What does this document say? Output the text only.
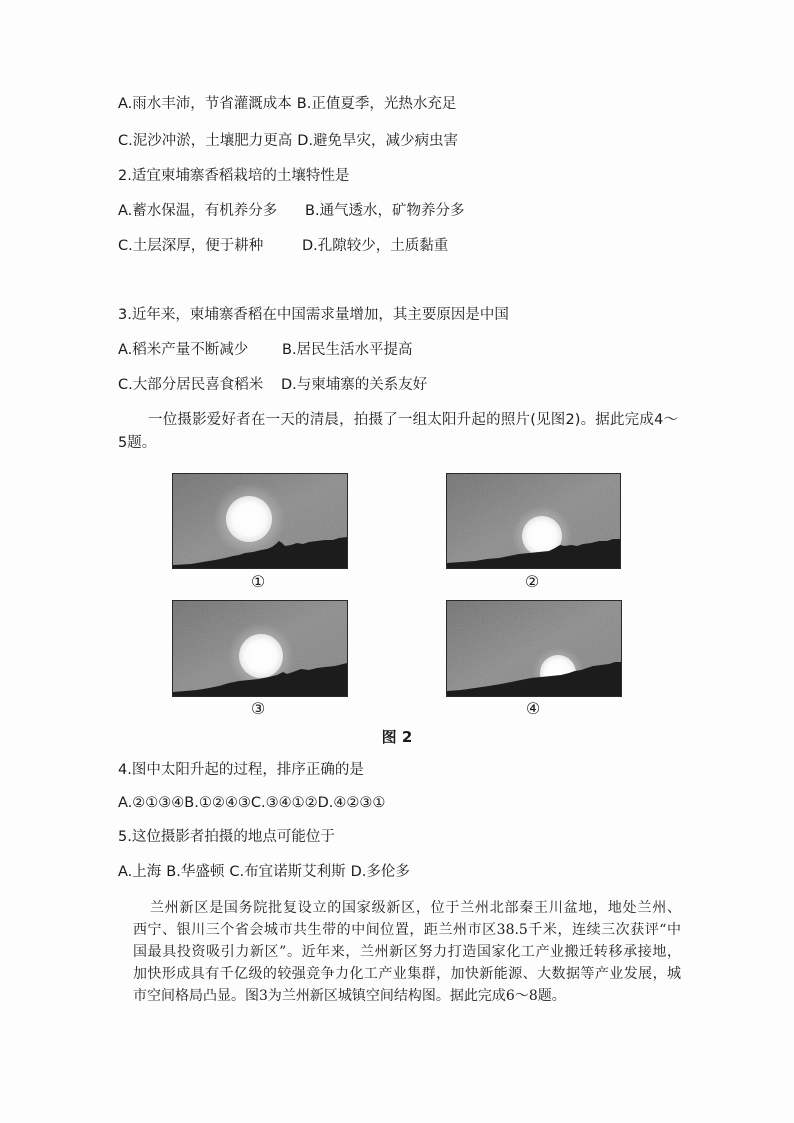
A.雨水丰沛，节省灌溉成本 B.正值夏季，光热水充足
C.泥沙冲淤，土壤肥力更高 D.避免旱灾，减少病虫害
2.适宜柬埔寨香稻栽培的土壤特性是
A.蓄水保温，有机养分多 B.通气透水，矿物养分多
C.土层深厚，便于耕种	D.孔隙较少，土质黏重
3.近年来，柬埔寨香稻在中国需求量增加，其主要原因是中国
A.稻米产量不断减少 B.居民生活水平提高
C.大部分居民喜食稻米 D.与柬埔寨的关系友好
一位摄影爱好者在一天的清晨，拍摄了一组太阳升起的照片(见图2)。据此完成4～
5题。
①	②
③	④
图 2
4.图中太阳升起的过程，排序正确的是
A.②①③④B.①②④③C.③④①②D.④②③①
5.这位摄影者拍摄的地点可能位于
A.上海 B.华盛顿 C.布宜诺斯艾利斯 D.多伦多
兰州新区是国务院批复设立的国家级新区，位于兰州北部秦王川盆地，地处兰州、
西宁、银川三个省会城市共生带的中间位置，距兰州市区38.5千米，连续三次获评“中
国最具投资吸引力新区”。近年来，兰州新区努力打造国家化工产业搬迁转移承接地，
加快形成具有千亿级的较强竞争力化工产业集群，加快新能源、大数据等产业发展，城
市空间格局凸显。图3为兰州新区城镇空间结构图。据此完成6～8题。
